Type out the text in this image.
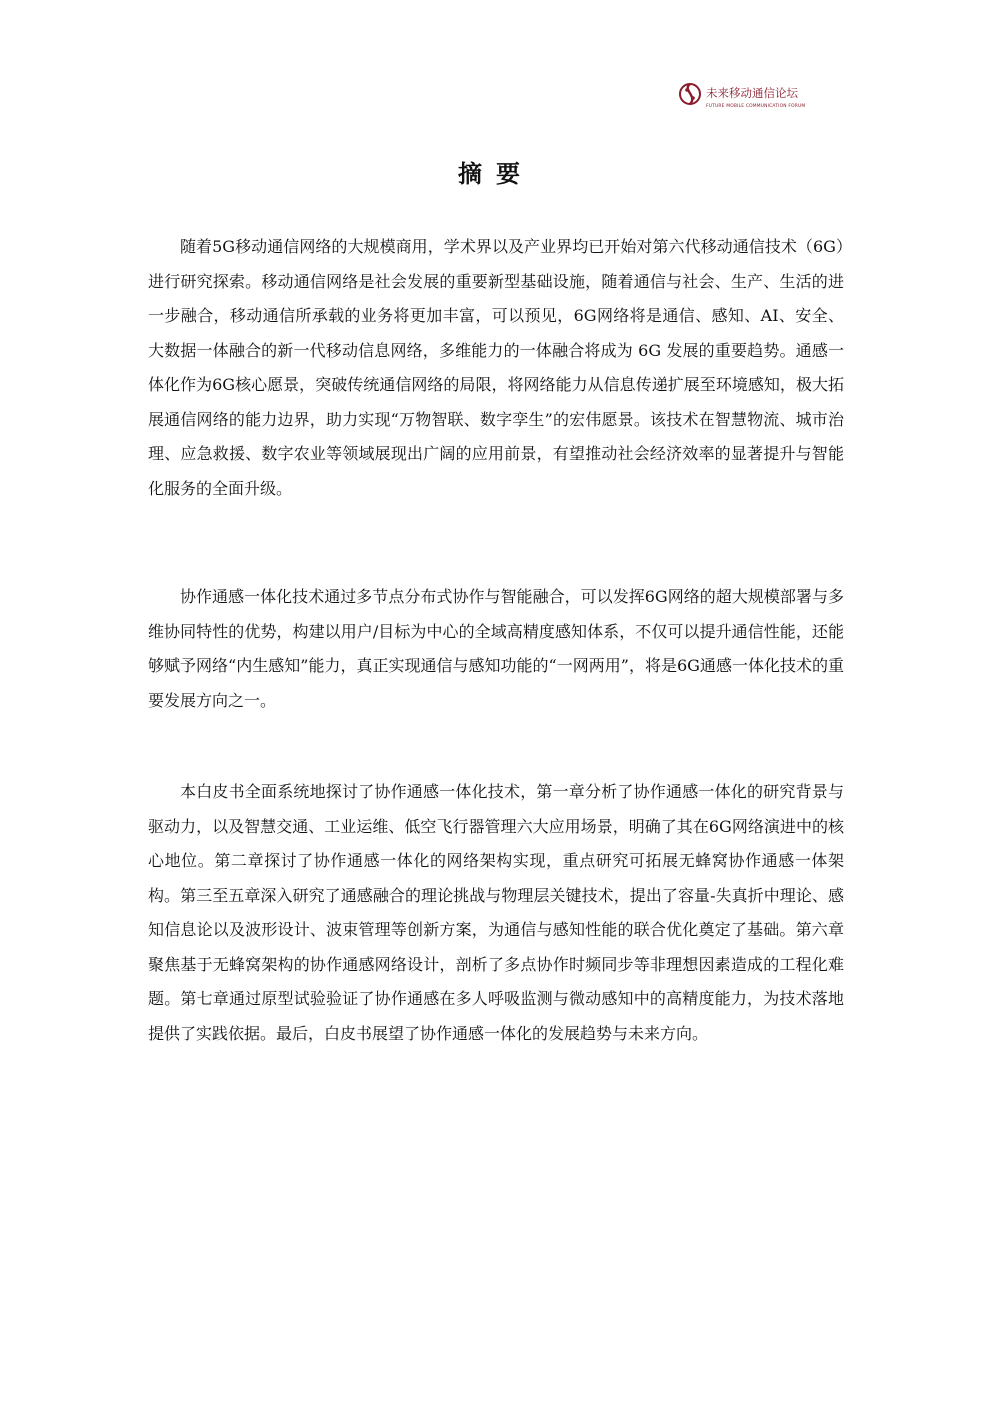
未来移动通信论坛
FUTURE MOBILE COMMUNICATION FORUM
摘要

随着5G移动通信网络的大规模商用，学术界以及产业界均已开始对第六代移动通信技术（6G）进行研究探索。移动通信网络是社会发展的重要新型基础设施，随着通信与社会、生产、生活的进一步融合，移动通信所承载的业务将更加丰富，可以预见，6G网络将是通信、感知、AI、安全、大数据一体融合的新一代移动信息网络，多维能力的一体融合将成为 6G 发展的重要趋势。通感一体化作为6G核心愿景，突破传统通信网络的局限，将网络能力从信息传递扩展至环境感知，极大拓展通信网络的能力边界，助力实现“万物智联、数字孪生”的宏伟愿景。该技术在智慧物流、城市治理、应急救援、数字农业等领域展现出广阔的应用前景，有望推动社会经济效率的显著提升与智能化服务的全面升级。

协作通感一体化技术通过多节点分布式协作与智能融合，可以发挥6G网络的超大规模部署与多维协同特性的优势，构建以用户/目标为中心的全域高精度感知体系，不仅可以提升通信性能，还能够赋予网络“内生感知”能力，真正实现通信与感知功能的“一网两用”，将是6G通感一体化技术的重要发展方向之一。

本白皮书全面系统地探讨了协作通感一体化技术，第一章分析了协作通感一体化的研究背景与驱动力，以及智慧交通、工业运维、低空飞行器管理六大应用场景，明确了其在6G网络演进中的核心地位。第二章探讨了协作通感一体化的网络架构实现，重点研究可拓展无蜂窝协作通感一体架构。第三至五章深入研究了通感融合的理论挑战与物理层关键技术，提出了容量-失真折中理论、感知信息论以及波形设计、波束管理等创新方案，为通信与感知性能的联合优化奠定了基础。第六章聚焦基于无蜂窝架构的协作通感网络设计，剖析了多点协作时频同步等非理想因素造成的工程化难题。第七章通过原型试验验证了协作通感在多人呼吸监测与微动感知中的高精度能力，为技术落地提供了实践依据。最后，白皮书展望了协作通感一体化的发展趋势与未来方向。
